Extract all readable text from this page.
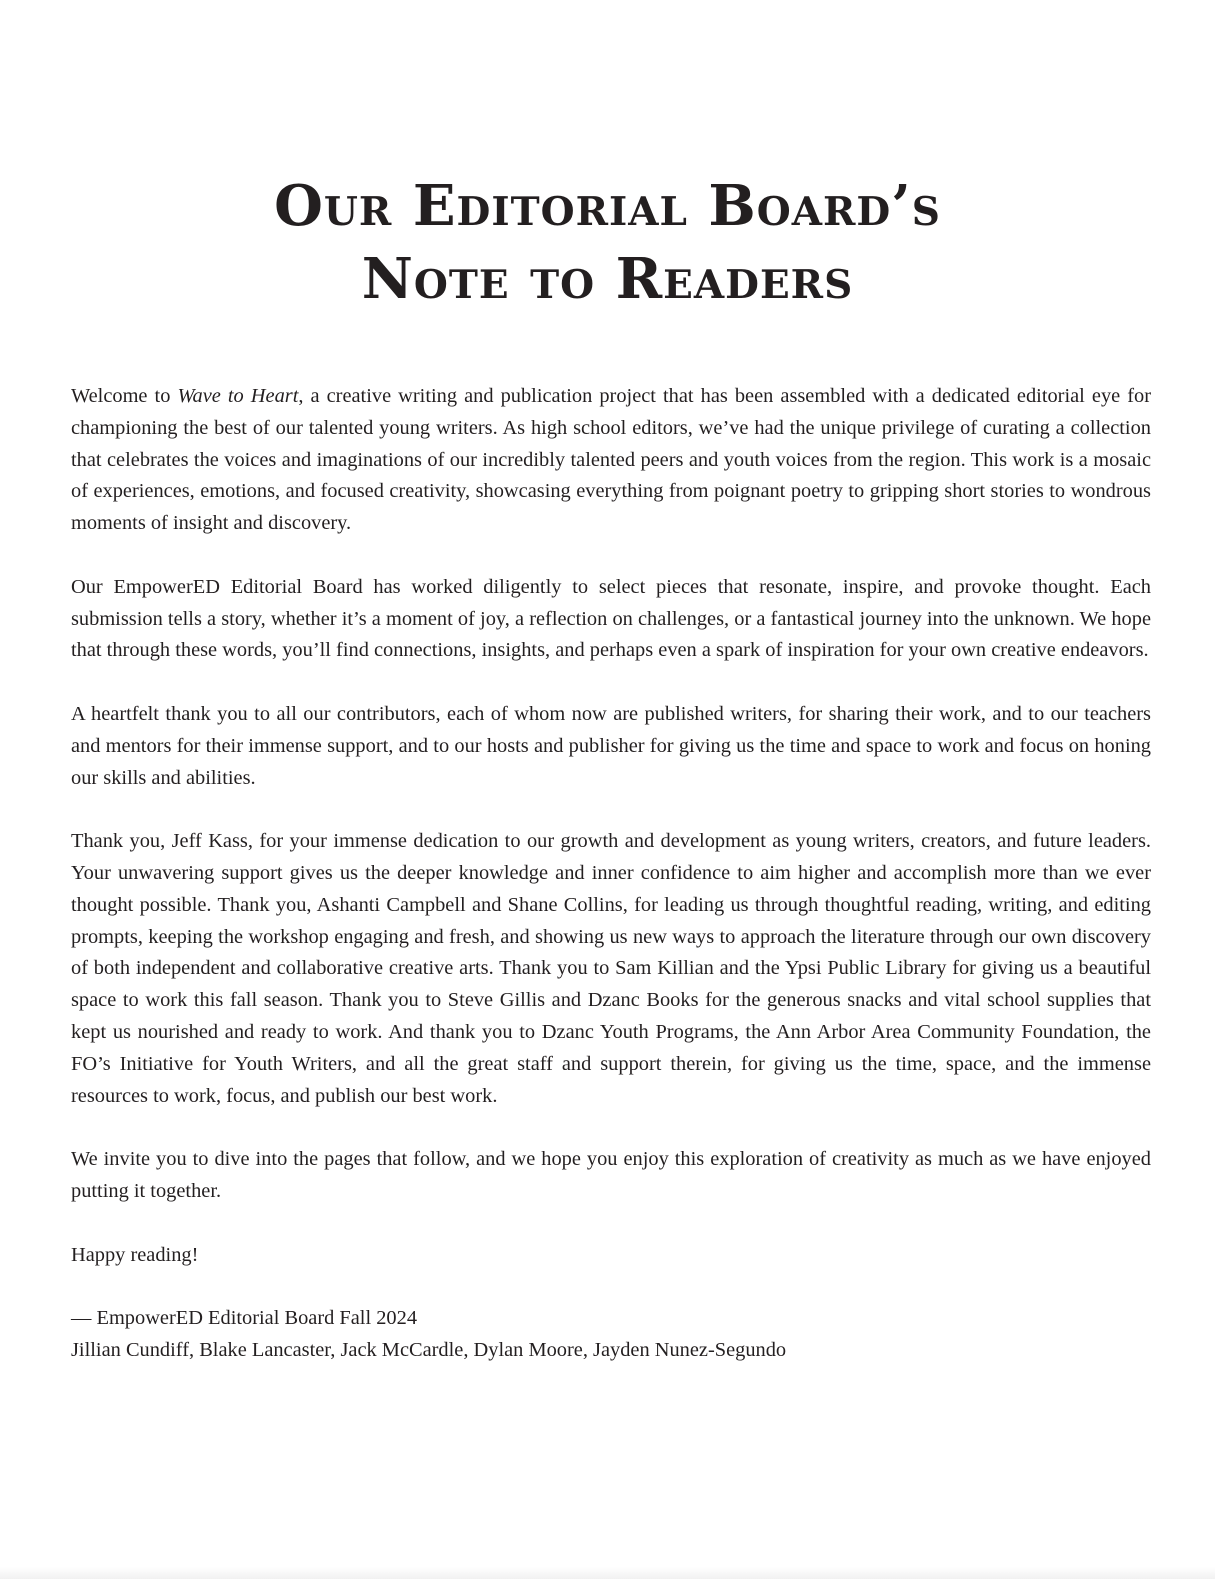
Our Editorial Board’s
Note to Readers

Welcome to Wave to Heart, a creative writing and publication project that has been assembled with a dedicated editorial eye for championing the best of our talented young writers. As high school editors, we’ve had the unique privilege of curating a collection that celebrates the voices and imaginations of our incredibly talented peers and youth voices from the region. This work is a mosaic of experiences, emotions, and focused creativity, showcasing everything from poignant poetry to gripping short stories to wondrous moments of insight and discovery.

Our EmpowerED Editorial Board has worked diligently to select pieces that resonate, inspire, and provoke thought. Each submission tells a story, whether it’s a moment of joy, a reflection on challenges, or a fantastical journey into the unknown. We hope that through these words, you’ll find connections, insights, and perhaps even a spark of inspiration for your own creative endeavors.

A heartfelt thank you to all our contributors, each of whom now are published writers, for sharing their work, and to our teachers and mentors for their immense support, and to our hosts and publisher for giving us the time and space to work and focus on honing our skills and abilities.

Thank you, Jeff Kass, for your immense dedication to our growth and development as young writers, creators, and future leaders. Your unwavering support gives us the deeper knowledge and inner confidence to aim higher and accomplish more than we ever thought possible. Thank you, Ashanti Campbell and Shane Collins, for leading us through thoughtful reading, writing, and editing prompts, keeping the workshop engaging and fresh, and showing us new ways to approach the literature through our own discovery of both independent and collaborative creative arts. Thank you to Sam Killian and the Ypsi Public Library for giving us a beautiful space to work this fall season. Thank you to Steve Gillis and Dzanc Books for the generous snacks and vital school supplies that kept us nourished and ready to work. And thank you to Dzanc Youth Programs, the Ann Arbor Area Community Foundation, the FO’s Initiative for Youth Writers, and all the great staff and support therein, for giving us the time, space, and the immense resources to work, focus, and publish our best work.

We invite you to dive into the pages that follow, and we hope you enjoy this exploration of creativity as much as we have enjoyed putting it together.

Happy reading!

— EmpowerED Editorial Board Fall 2024

Jillian Cundiff, Blake Lancaster, Jack McCardle, Dylan Moore, Jayden Nunez-Segundo
